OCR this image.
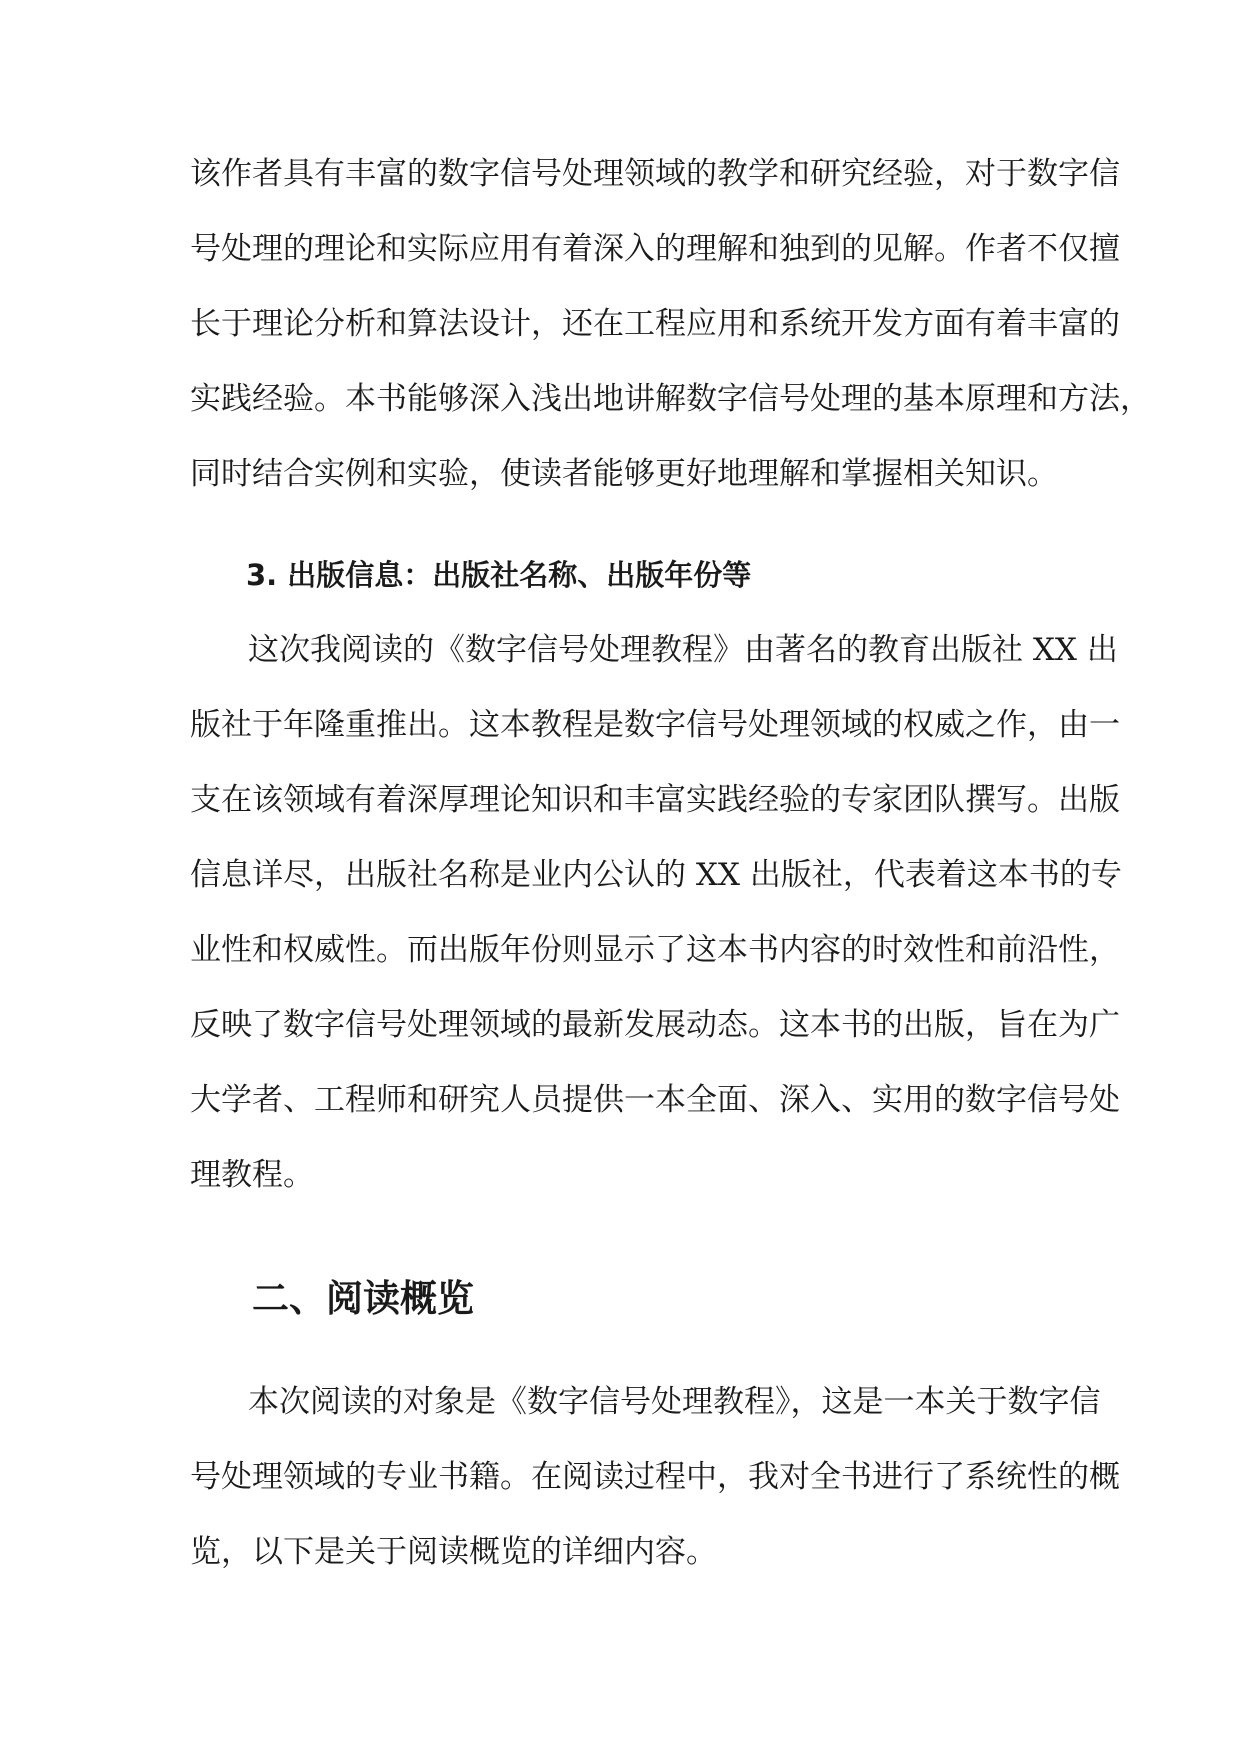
该作者具有丰富的数字信号处理领域的教学和研究经验，对于数字信

号处理的理论和实际应用有着深入的理解和独到的见解。作者不仅擅

长于理论分析和算法设计，还在工程应用和系统开发方面有着丰富的

实践经验。本书能够深入浅出地讲解数字信号处理的基本原理和方法，

同时结合实例和实验，使读者能够更好地理解和掌握相关知识。

3. 出版信息：出版社名称、出版年份等

这次我阅读的《数字信号处理教程》由著名的教育出版社 XX 出

版社于年隆重推出。这本教程是数字信号处理领域的权威之作，由一

支在该领域有着深厚理论知识和丰富实践经验的专家团队撰写。出版

信息详尽，出版社名称是业内公认的 XX 出版社，代表着这本书的专

业性和权威性。而出版年份则显示了这本书内容的时效性和前沿性，

反映了数字信号处理领域的最新发展动态。这本书的出版，旨在为广

大学者、工程师和研究人员提供一本全面、深入、实用的数字信号处

理教程。

二、阅读概览

本次阅读的对象是《数字信号处理教程》，这是一本关于数字信

号处理领域的专业书籍。在阅读过程中，我对全书进行了系统性的概

览，以下是关于阅读概览的详细内容。
